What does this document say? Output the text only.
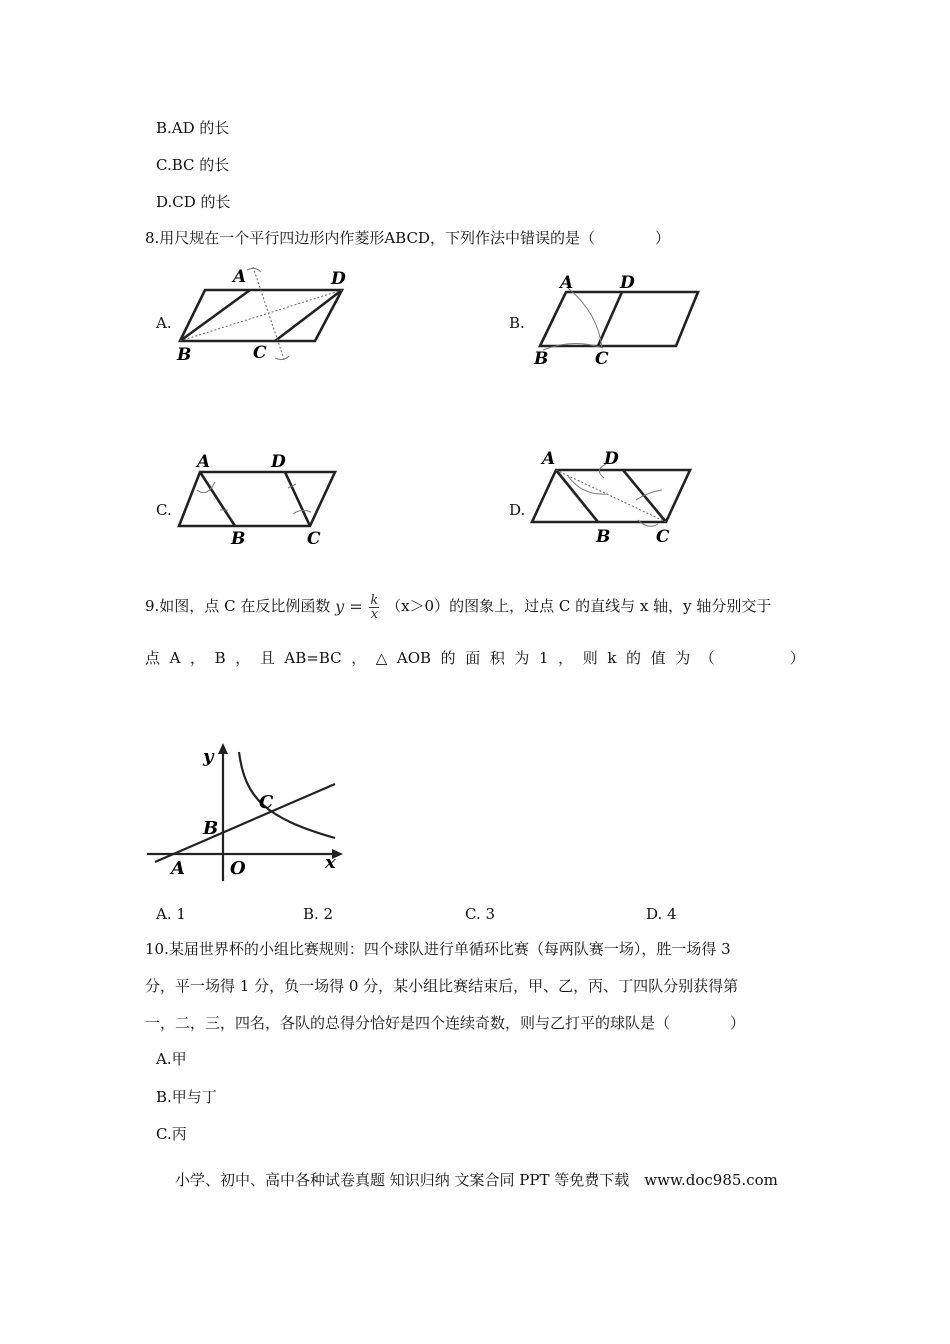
B.AD 的长
C.BC 的长
D.CD 的长
8.用尺规在一个平行四边形内作菱形ABCD，下列作法中错误的是（　　　　）
A.	B.
C.	D.
A	D
B	C
A	D
B	C
A	D
B	C
A	D
B	C
9.如图，点 C 在反比例函数 $y = \frac{k}{x} (x>0)$的图象上，过点 C 的直线与 x 轴，y 轴分别交于
点 A ， B ， 且 AB=BC ， △ AOB 的 面 积 为 1 ， 则 k 的 值 为 （　　　　　）
y
x
O
A
B
C
A. 1	B. 2	C. 3	D. 4
10.某届世界杯的小组比赛规则：四个球队进行单循环比赛（每两队赛一场），胜一场得 3
分，平一场得 1 分，负一场得 0 分，某小组比赛结束后，甲、乙，丙、丁四队分别获得第
一，二，三，四名，各队的总得分恰好是四个连续奇数，则与乙打平的球队是（　　　　）
A.甲
B.甲与丁
C.丙
小学、初中、高中各种试卷真题 知识归纳 文案合同 PPT 等免费下载　www.doc985.com
